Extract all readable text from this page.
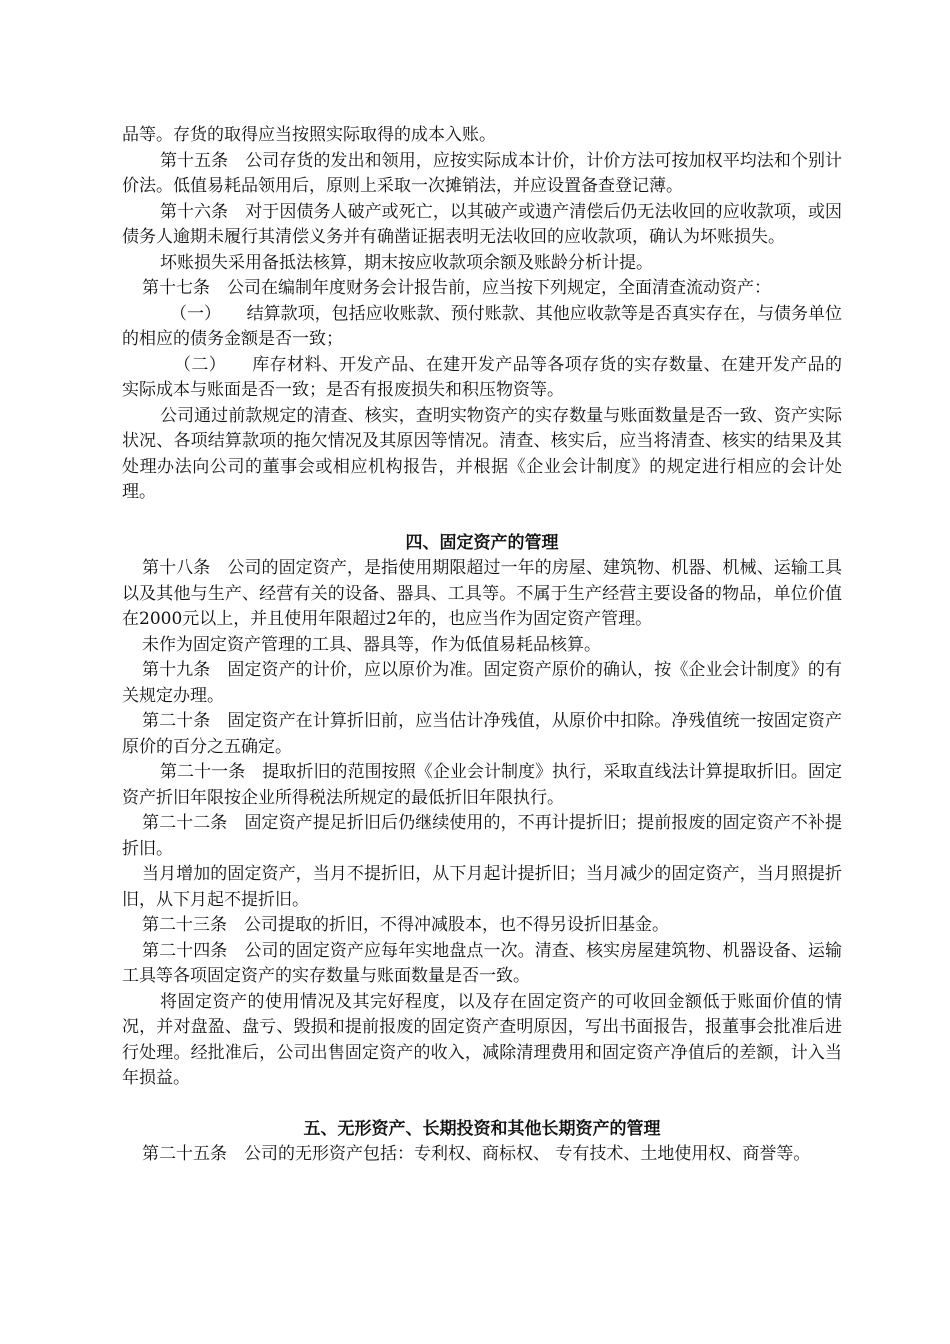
品等。存货的取得应当按照实际取得的成本入账。

第十五条　公司存货的发出和领用，应按实际成本计价，计价方法可按加权平均法和个别计价法。低值易耗品领用后，原则上采取一次摊销法，并应设置备查登记薄。

第十六条　对于因债务人破产或死亡，以其破产或遗产清偿后仍无法收回的应收款项，或因债务人逾期未履行其清偿义务并有确凿证据表明无法收回的应收款项，确认为坏账损失。

坏账损失采用备抵法核算，期末按应收款项余额及账龄分析计提。

第十七条　公司在编制年度财务会计报告前，应当按下列规定，全面清查流动资产：

（一）　　结算款项，包括应收账款、预付账款、其他应收款等是否真实存在，与债务单位的相应的债务金额是否一致；

（二）　　库存材料、开发产品、在建开发产品等各项存货的实存数量、在建开发产品的实际成本与账面是否一致；是否有报废损失和积压物资等。

公司通过前款规定的清查、核实，查明实物资产的实存数量与账面数量是否一致、资产实际状况、各项结算款项的拖欠情况及其原因等情况。清查、核实后，应当将清查、核实的结果及其处理办法向公司的董事会或相应机构报告，并根据《企业会计制度》的规定进行相应的会计处理。

四、固定资产的管理

第十八条　公司的固定资产，是指使用期限超过一年的房屋、建筑物、机器、机械、运输工具以及其他与生产、经营有关的设备、器具、工具等。不属于生产经营主要设备的物品，单位价值在2000元以上，并且使用年限超过2年的，也应当作为固定资产管理。

未作为固定资产管理的工具、器具等，作为低值易耗品核算。

第十九条　固定资产的计价，应以原价为准。固定资产原价的确认，按《企业会计制度》的有关规定办理。

第二十条　固定资产在计算折旧前，应当估计净残值，从原价中扣除。净残值统一按固定资产原价的百分之五确定。

第二十一条　提取折旧的范围按照《企业会计制度》执行，采取直线法计算提取折旧。固定资产折旧年限按企业所得税法所规定的最低折旧年限执行。

第二十二条　固定资产提足折旧后仍继续使用的，不再计提折旧；提前报废的固定资产不补提折旧。

当月增加的固定资产，当月不提折旧，从下月起计提折旧；当月减少的固定资产，当月照提折旧，从下月起不提折旧。

第二十三条　公司提取的折旧，不得冲减股本，也不得另设折旧基金。

第二十四条　公司的固定资产应每年实地盘点一次。清查、核实房屋建筑物、机器设备、运输工具等各项固定资产的实存数量与账面数量是否一致。

将固定资产的使用情况及其完好程度，以及存在固定资产的可收回金额低于账面价值的情况，并对盘盈、盘亏、毁损和提前报废的固定资产查明原因，写出书面报告，报董事会批准后进行处理。经批准后，公司出售固定资产的收入，减除清理费用和固定资产净值后的差额，计入当年损益。

五、无形资产、长期投资和其他长期资产的管理

第二十五条　公司的无形资产包括：专利权、商标权、 专有技术、土地使用权、商誉等。
